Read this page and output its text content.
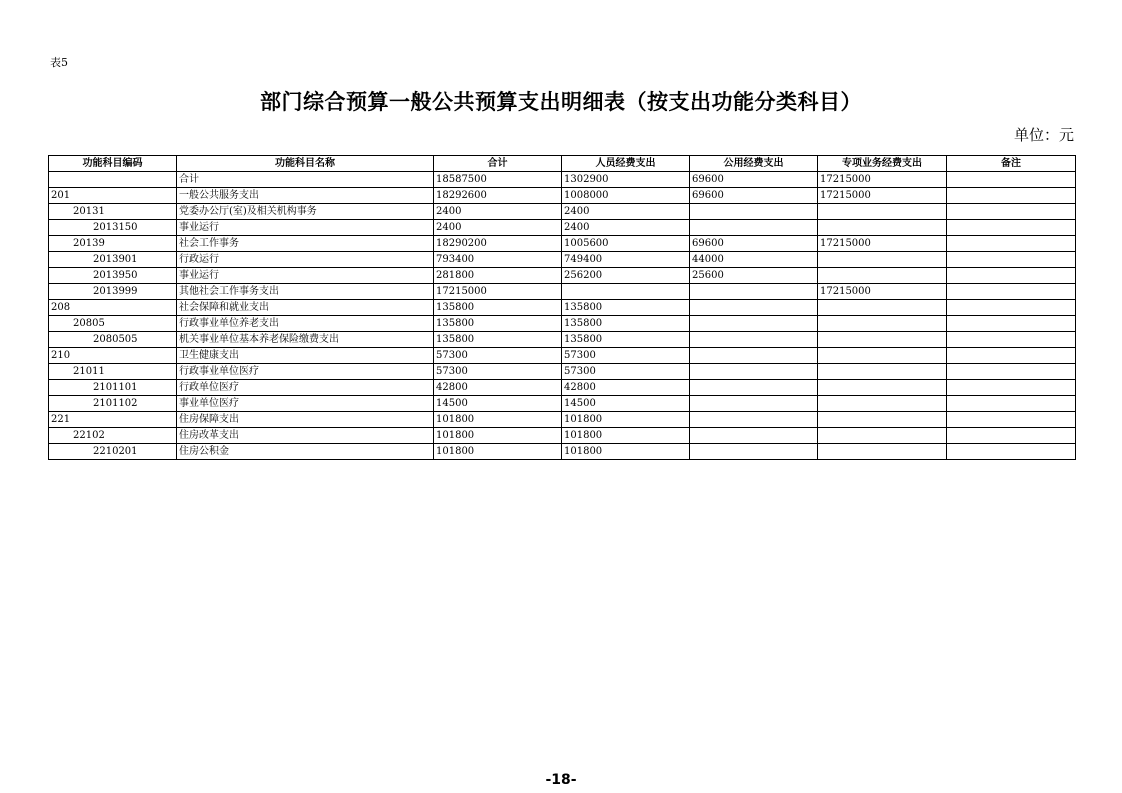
表5
部门综合预算一般公共预算支出明细表（按支出功能分类科目）
单位：元
功能科目编码	功能科目名称	合计	人员经费支出	公用经费支出	专项业务经费支出	备注
	合计	18587500	1302900	69600	17215000	
201	一般公共服务支出	18292600	1008000	69600	17215000	
20131	党委办公厅(室)及相关机构事务	2400	2400			
2013150	事业运行	2400	2400			
20139	社会工作事务	18290200	1005600	69600	17215000	
2013901	行政运行	793400	749400	44000		
2013950	事业运行	281800	256200	25600		
2013999	其他社会工作事务支出	17215000			17215000	
208	社会保障和就业支出	135800	135800			
20805	行政事业单位养老支出	135800	135800			
2080505	机关事业单位基本养老保险缴费支出	135800	135800			
210	卫生健康支出	57300	57300			
21011	行政事业单位医疗	57300	57300			
2101101	行政单位医疗	42800	42800			
2101102	事业单位医疗	14500	14500			
221	住房保障支出	101800	101800			
22102	住房改革支出	101800	101800			
2210201	住房公积金	101800	101800			
-18-
